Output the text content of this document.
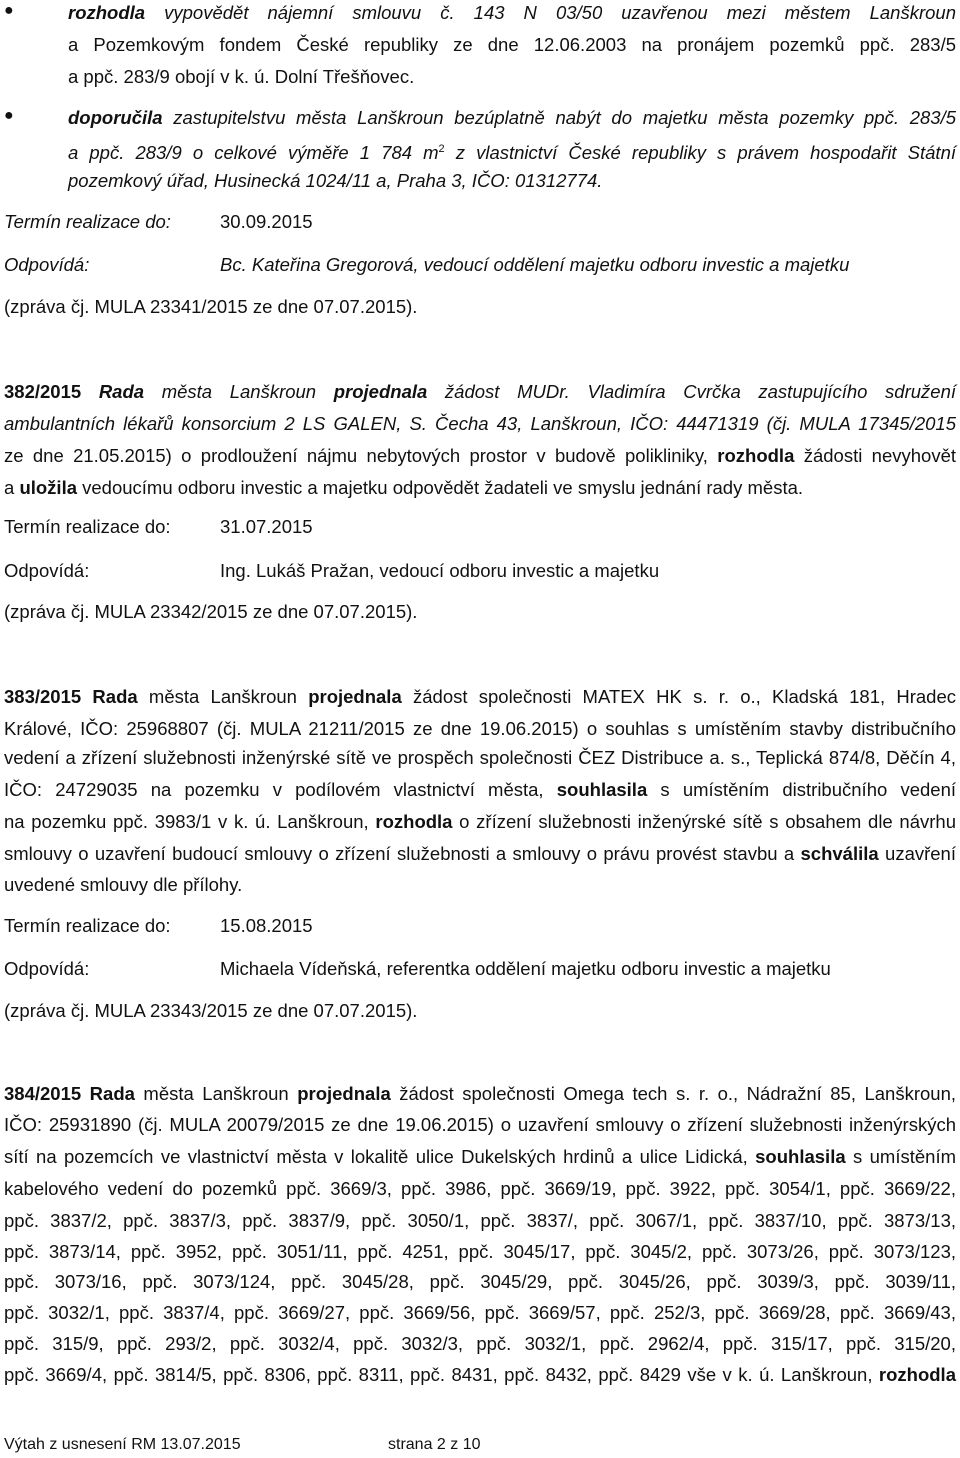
●	rozhodla vypovědět nájemní smlouvu č. 143 N 03/50 uzavřenou mezi městem Lanškroun
a Pozemkovým fondem České republiky ze dne 12.06.2003 na pronájem pozemků ppč. 283/5
a ppč. 283/9 obojí v k. ú. Dolní Třešňovec.
●	doporučila zastupitelstvu města Lanškroun bezúplatně nabýt do majetku města pozemky ppč. 283/5
a ppč. 283/9 o celkové výměře 1 784 $m^2$ z vlastnictví České republiky s právem hospodařit Státní
pozemkový úřad, Husinecká 1024/11 a, Praha 3, IČO: 01312774.
Termín realizace do:	30.09.2015
Odpovídá:	Bc. Kateřina Gregorová, vedoucí oddělení majetku odboru investic a majetku
(zpráva čj. MULA 23341/2015 ze dne 07.07.2015).
382/2015 Rada města Lanškroun projednala žádost MUDr. Vladimíra Cvrčka zastupujícího sdružení
ambulantních lékařů konsorcium 2 LS GALEN, S. Čecha 43, Lanškroun, IČO: 44471319 (čj. MULA 17345/2015
ze dne 21.05.2015) o prodloužení nájmu nebytových prostor v budově polikliniky, rozhodla žádosti nevyhovět
a uložila vedoucímu odboru investic a majetku odpovědět žadateli ve smyslu jednání rady města.
Termín realizace do:	31.07.2015
Odpovídá:	Ing. Lukáš Pražan, vedoucí odboru investic a majetku
(zpráva čj. MULA 23342/2015 ze dne 07.07.2015).
383/2015 Rada města Lanškroun projednala žádost společnosti MATEX HK s. r. o., Kladská 181, Hradec
Králové, IČO: 25968807 (čj. MULA 21211/2015 ze dne 19.06.2015) o souhlas s umístěním stavby distribučního
vedení a zřízení služebnosti inženýrské sítě ve prospěch společnosti ČEZ Distribuce a. s., Teplická 874/8, Děčín 4,
IČO: 24729035 na pozemku v podílovém vlastnictví města, souhlasila s umístěním distribučního vedení
na pozemku ppč. 3983/1 v k. ú. Lanškroun, rozhodla o zřízení služebnosti inženýrské sítě s obsahem dle návrhu
smlouvy o uzavření budoucí smlouvy o zřízení služebnosti a smlouvy o právu provést stavbu a schválila uzavření
uvedené smlouvy dle přílohy.
Termín realizace do:	15.08.2015
Odpovídá:	Michaela Vídeňská, referentka oddělení majetku odboru investic a majetku
(zpráva čj. MULA 23343/2015 ze dne 07.07.2015).
384/2015 Rada města Lanškroun projednala žádost společnosti Omega tech s. r. o., Nádražní 85, Lanškroun,
IČO: 25931890 (čj. MULA 20079/2015 ze dne 19.06.2015) o uzavření smlouvy o zřízení služebnosti inženýrských
sítí na pozemcích ve vlastnictví města v lokalitě ulice Dukelských hrdinů a ulice Lidická, souhlasila s umístěním
kabelového vedení do pozemků ppč. 3669/3, ppč. 3986, ppč. 3669/19, ppč. 3922, ppč. 3054/1, ppč. 3669/22,
ppč. 3837/2, ppč. 3837/3, ppč. 3837/9, ppč. 3050/1, ppč. 3837/, ppč. 3067/1, ppč. 3837/10, ppč. 3873/13,
ppč. 3873/14, ppč. 3952, ppč. 3051/11, ppč. 4251, ppč. 3045/17, ppč. 3045/2, ppč. 3073/26, ppč. 3073/123,
ppč. 3073/16, ppč. 3073/124, ppč. 3045/28, ppč. 3045/29, ppč. 3045/26, ppč. 3039/3, ppč. 3039/11,
ppč. 3032/1, ppč. 3837/4, ppč. 3669/27, ppč. 3669/56, ppč. 3669/57, ppč. 252/3, ppč. 3669/28, ppč. 3669/43,
ppč. 315/9, ppč. 293/2, ppč. 3032/4, ppč. 3032/3, ppč. 3032/1, ppč. 2962/4, ppč. 315/17, ppč. 315/20,
ppč. 3669/4, ppč. 3814/5, ppč. 8306, ppč. 8311, ppč. 8431, ppč. 8432, ppč. 8429 vše v k. ú. Lanškroun, rozhodla
Výtah z usnesení RM 13.07.2015	strana 2 z 10
